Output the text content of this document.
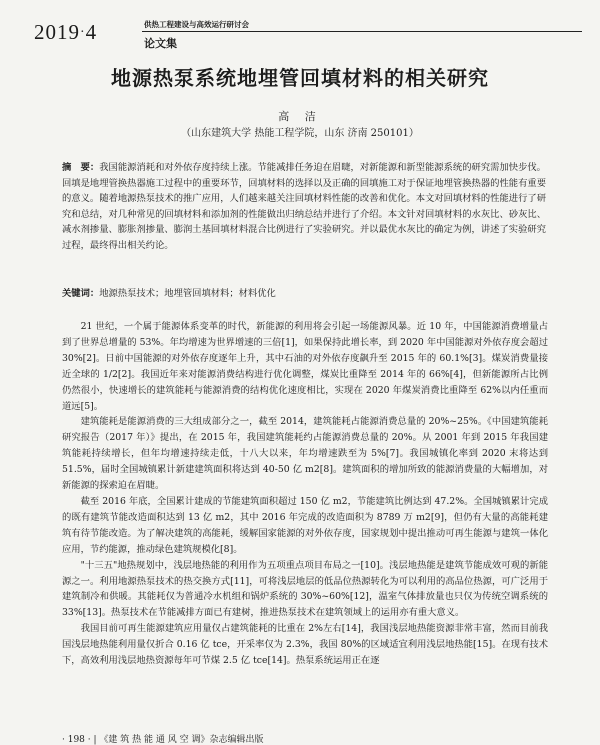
2019·4	供热工程建设与高效运行研讨会
论文集
地源热泵系统地埋管回填材料的相关研究
高 洁
（山东建筑大学 热能工程学院，山东 济南 250101）

摘　要：我国能源消耗和对外依存度持续上涨。节能减排任务迫在眉睫，对新能源和新型能源系统的研究需加快步伐。回填是地埋管换热器施工过程中的重要环节，回填材料的选择以及正确的回填施工对于保证地埋管换热器的性能有重要的意义。随着地源热泵技术的推广应用，人们越来越关注回填材料性能的改善和优化。本文对回填材料的性能进行了研究和总结，对几种常见的回填材料和添加剂的性能做出归纳总结并进行了介绍。本文针对回填材料的水灰比、砂灰比、减水剂掺量、膨胀剂掺量、膨润土基回填材料混合比例进行了实验研究。并以最优水灰比的确定为例，讲述了实验研究过程，最终得出相关约论。

关键词：地源热泵技术；地埋管回填材料；材料优化

21 世纪，一个属于能源体系变革的时代，新能源的利用将会引起一场能源风暴。近 10 年，中国能源消费增量占到了世界总增量的 53%。年均增速为世界增速的三倍[1]，如果保持此增长率，到 2020 年中国能源对外依存度会超过 30%[2]。日前中国能源的对外依存度逐年上升，其中石油的对外依存度飙升至 2015 年的 60.1%[3]。煤炭消费量接近全球的 1/2[2]。我国近年来对能源消费结构进行优化调整，煤炭比重降至 2014 年的 66%[4]，但新能源所占比例仍然很小，快速增长的建筑能耗与能源消费的结构优化速度相比，实现在 2020 年煤炭消费比重降至 62%以内任重而道远[5]。

建筑能耗是能源消费的三大组成部分之一，截至 2014，建筑能耗占能源消费总量的 20%~25%。《中国建筑能耗研究报告（2017 年）》提出，在 2015 年，我国建筑能耗约占能源消费总量的 20%。从 2001 年到 2015 年我国建筑能耗持续增长，但年均增速持续走低，十八大以来，年均增速跌至为 5%[7]。我国城镇化率到 2020 末将达到 51.5%，届时全国城镇累计新建建筑面积将达到 40-50 亿 m2[8]。建筑面积的增加所致的能源消费量的大幅增加，对新能源的探索迫在眉睫。

截至 2016 年底，全国累计建成的节能建筑面积超过 150 亿 m2，节能建筑比例达到 47.2%。全国城镇累计完成的既有建筑节能改造面积达到 13 亿 m2，其中 2016 年完成的改造面积为 8789 万 m2[9]，但仍有大量的高能耗建筑有待节能改造。为了解决建筑的高能耗，缓解国家能源的对外依存度，国家规划中提出推动可再生能源与建筑一体化应用，节约能源，推动绿色建筑规模化[8]。

"十三五"地热规划中，浅层地热能的利用作为五项重点项目布局之一[10]。浅层地热能是建筑节能成效可观的新能源之一。利用地源热泵技术的热交换方式[11]，可将浅层地层的低品位热源转化为可以利用的高品位热源，可广泛用于建筑制冷和供暖。其能耗仅为普通冷水机组和锅炉系统的 30%~60%[12]，温室气体排放量也只仅为传统空调系统的 33%[13]。热泵技术在节能减排方面已有建树，推进热泵技术在建筑领域上的运用亦有重大意义。

我国目前可再生能源建筑应用量仅占建筑能耗的比重在 2%左右[14]，我国浅层地热能资源非常丰富，然而目前我国浅层地热能利用量仅折合 0.16 亿 tce，开采率仅为 2.3%，我国 80%的区域适宜利用浅层地热能[15]。在现有技术下，高效利用浅层地热资源每年可节煤 2.5 亿 tce[14]。热泵系统运用正在逐

· 198 · | 《建 筑 热 能 通 风 空 调》杂志编辑出版
